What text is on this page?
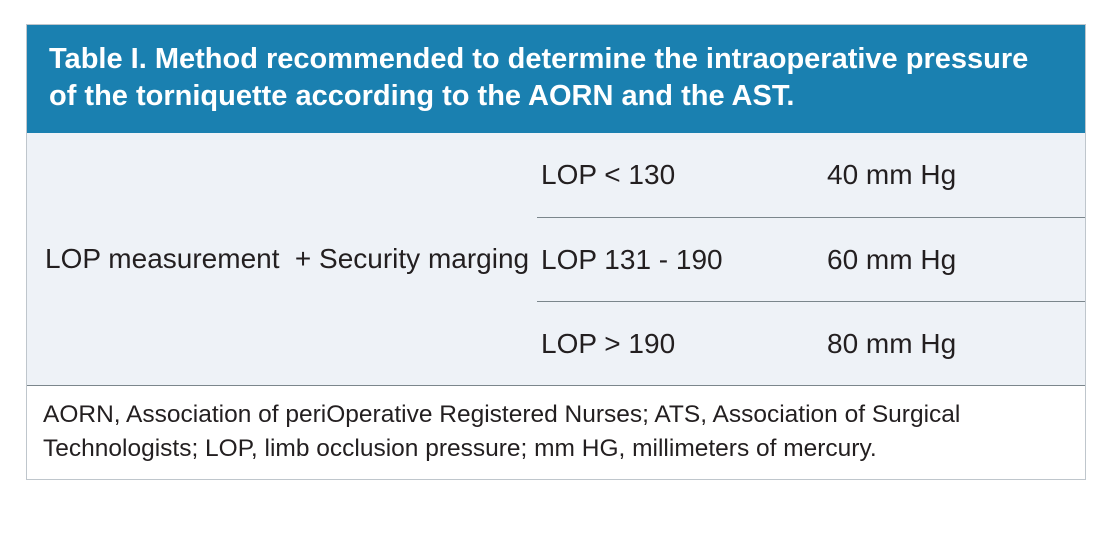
Table I. Method recommended to determine the intraoperative pressure of the torniquette according to the AORN and the AST.
LOP measurement + Security marging
LOP < 130	40 mm Hg
LOP 131 - 190	60 mm Hg
LOP > 190	80 mm Hg
AORN, Association of periOperative Registered Nurses; ATS, Association of Surgical Technologists; LOP, limb occlusion pressure; mm HG, millimeters of mercury.
